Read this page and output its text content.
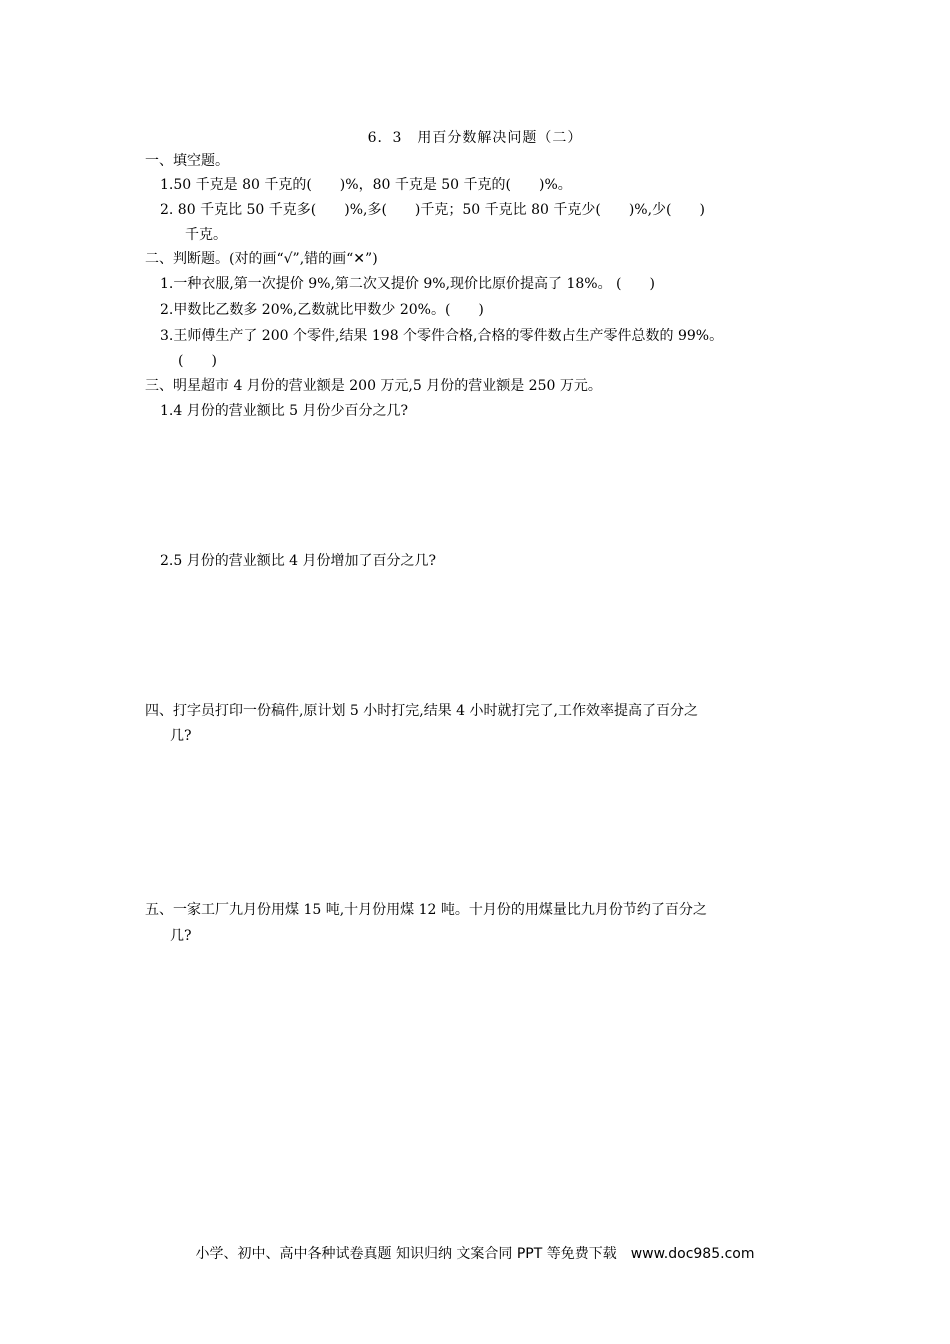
6．3　用百分数解决问题（二）
一、填空题。
1.50 千克是 80 千克的(　　)%，80 千克是 50 千克的(　　)%。
2. 80 千克比 50 千克多(　　)%,多(　　)千克；50 千克比 80 千克少(　　)%,少(　　)
千克。
二、判断题。(对的画“√”,错的画“✕”)
1.一种衣服,第一次提价 9%,第二次又提价 9%,现价比原价提高了 18%。 (　　)
2.甲数比乙数多 20%,乙数就比甲数少 20%。(　　)
3.王师傅生产了 200 个零件,结果 198 个零件合格,合格的零件数占生产零件总数的 99%。
(　　)
三、明星超市 4 月份的营业额是 200 万元,5 月份的营业额是 250 万元。
1.4 月份的营业额比 5 月份少百分之几?
2.5 月份的营业额比 4 月份增加了百分之几?
四、打字员打印一份稿件,原计划 5 小时打完,结果 4 小时就打完了,工作效率提高了百分之
几?
五、一家工厂九月份用煤 15 吨,十月份用煤 12 吨。十月份的用煤量比九月份节约了百分之
几?
小学、初中、高中各种试卷真题 知识归纳 文案合同 PPT 等免费下载　www.doc985.com
